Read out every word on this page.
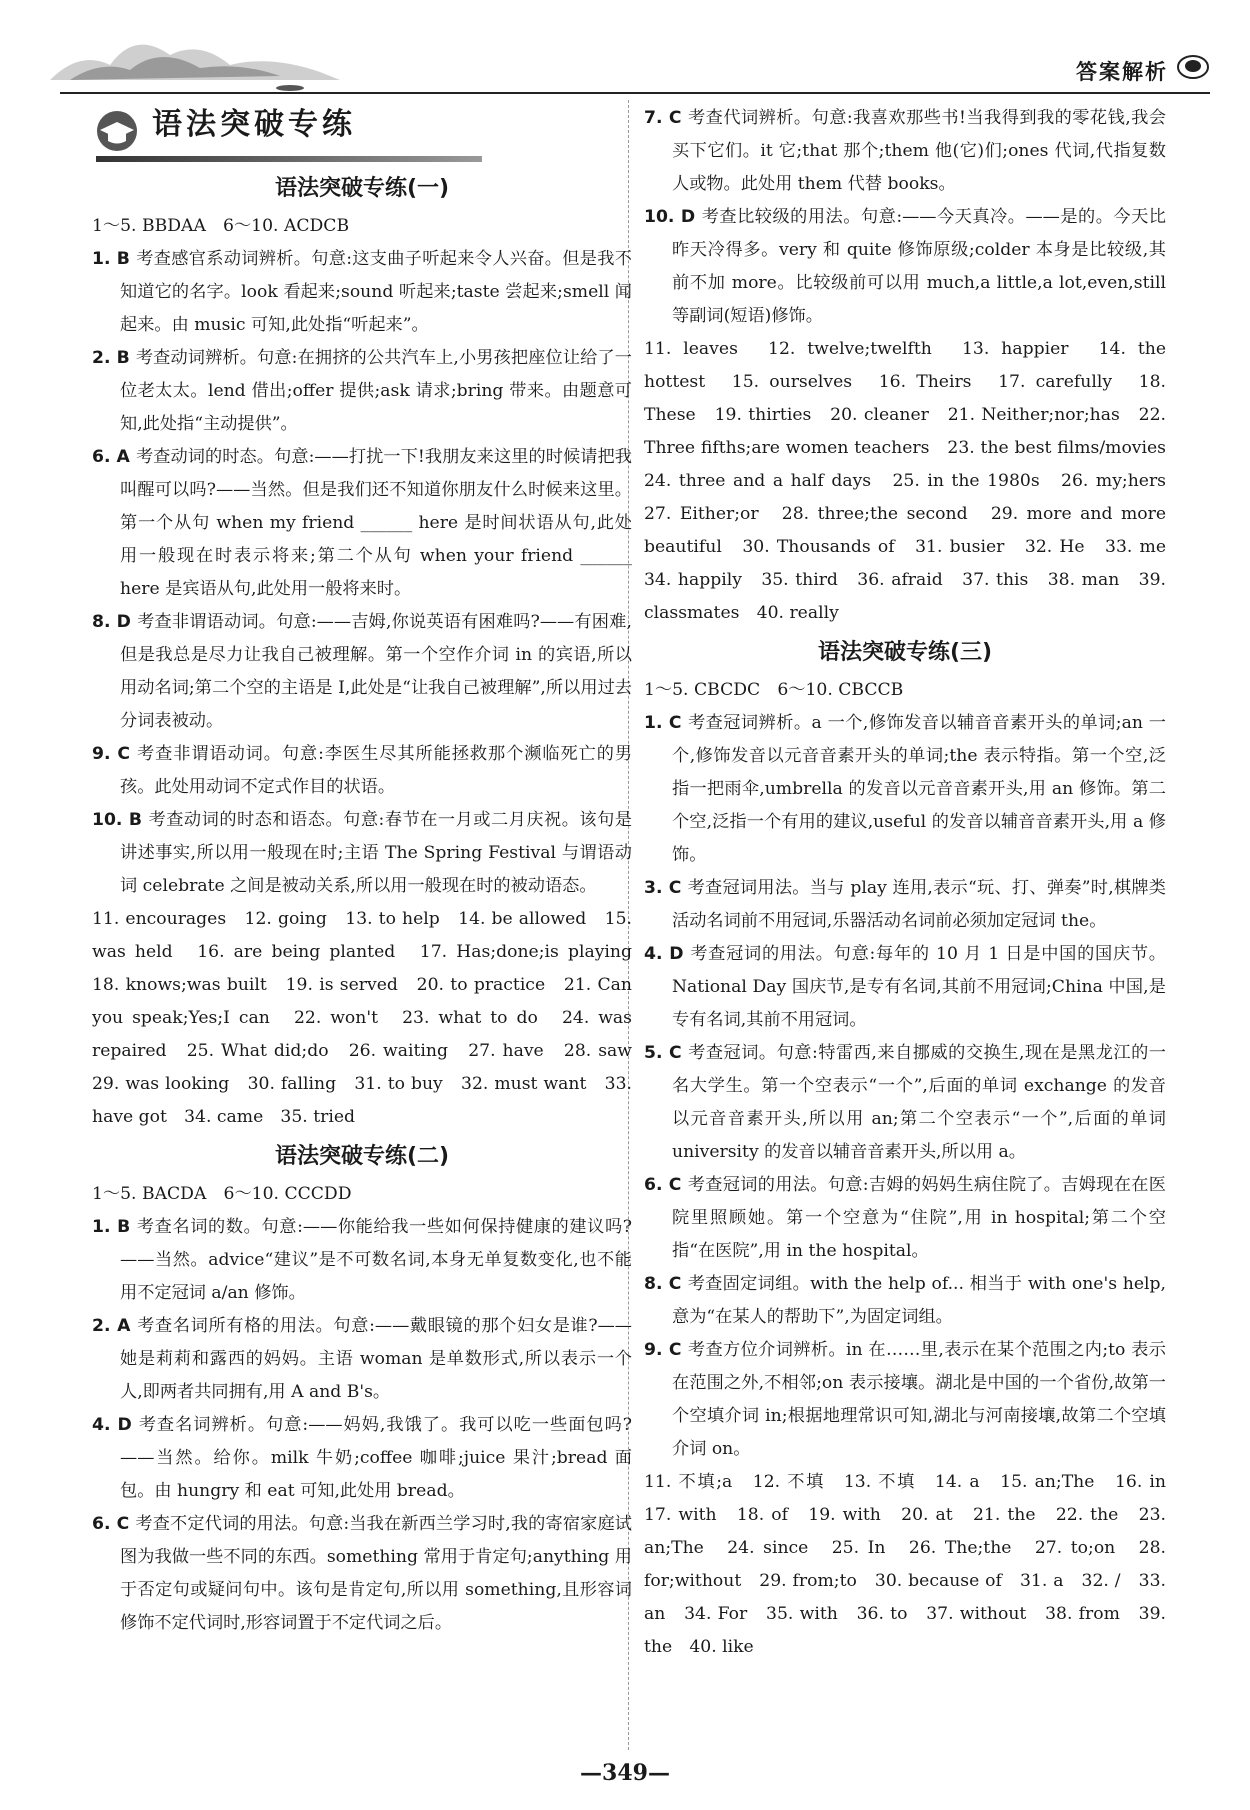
答案解析
语法突破专练
语法突破专练(一)

1～5. BBDAA　6～10. ACDCB

1. B 考查感官系动词辨析。句意:这支曲子听起来令人兴奋。但是我不知道它的名字。look 看起来;sound 听起来;taste 尝起来;smell 闻起来。由 music 可知,此处指“听起来”。

2. B 考查动词辨析。句意:在拥挤的公共汽车上,小男孩把座位让给了一位老太太。lend 借出;offer 提供;ask 请求;bring 带来。由题意可知,此处指“主动提供”。

6. A 考查动词的时态。句意:——打扰一下!我朋友来这里的时候请把我叫醒可以吗?——当然。但是我们还不知道你朋友什么时候来这里。第一个从句 when my friend ______ here 是时间状语从句,此处用一般现在时表示将来;第二个从句 when your friend ______ here 是宾语从句,此处用一般将来时。

8. D 考查非谓语动词。句意:——吉姆,你说英语有困难吗?——有困难,但是我总是尽力让我自己被理解。第一个空作介词 in 的宾语,所以用动名词;第二个空的主语是 I,此处是“让我自己被理解”,所以用过去分词表被动。

9. C 考查非谓语动词。句意:李医生尽其所能拯救那个濒临死亡的男孩。此处用动词不定式作目的状语。

10. B 考查动词的时态和语态。句意:春节在一月或二月庆祝。该句是讲述事实,所以用一般现在时;主语 The Spring Festival 与谓语动词 celebrate 之间是被动关系,所以用一般现在时的被动语态。

11. encourages　12. going　13. to help　14. be allowed　15. was held　16. are being planted　17. Has;done;is playing　18. knows;was built　19. is served　20. to practice　21. Can you speak;Yes;I can　22. won't　23. what to do　24. was repaired　25. What did;do　26. waiting　27. have　28. saw　29. was looking　30. falling　31. to buy　32. must want　33. have got　34. came　35. tried

语法突破专练(二)

1～5. BACDA　6～10. CCCDD

1. B 考查名词的数。句意:——你能给我一些如何保持健康的建议吗?——当然。advice“建议”是不可数名词,本身无单复数变化,也不能用不定冠词 a/an 修饰。

2. A 考查名词所有格的用法。句意:——戴眼镜的那个妇女是谁?——她是莉莉和露西的妈妈。主语 woman 是单数形式,所以表示一个人,即两者共同拥有,用 A and B's。

4. D 考查名词辨析。句意:——妈妈,我饿了。我可以吃一些面包吗?——当然。给你。milk 牛奶;coffee 咖啡;juice 果汁;bread 面包。由 hungry 和 eat 可知,此处用 bread。

6. C 考查不定代词的用法。句意:当我在新西兰学习时,我的寄宿家庭试图为我做一些不同的东西。something 常用于肯定句;anything 用于否定句或疑问句中。该句是肯定句,所以用 something,且形容词修饰不定代词时,形容词置于不定代词之后。

7. C 考查代词辨析。句意:我喜欢那些书!当我得到我的零花钱,我会买下它们。it 它;that 那个;them 他(它)们;ones 代词,代指复数人或物。此处用 them 代替 books。

10. D 考查比较级的用法。句意:——今天真冷。——是的。今天比昨天冷得多。very 和 quite 修饰原级;colder 本身是比较级,其前不加 more。比较级前可以用 much,a little,a lot,even,still 等副词(短语)修饰。

11. leaves　12. twelve;twelfth　13. happier　14. the hottest　15. ourselves　16. Theirs　17. carefully　18. These　19. thirties　20. cleaner　21. Neither;nor;has　22. Three fifths;are women teachers　23. the best films/movies　24. three and a half days　25. in the 1980s　26. my;hers　27. Either;or　28. three;the second　29. more and more beautiful　30. Thousands of　31. busier　32. He　33. me　34. happily　35. third　36. afraid　37. this　38. man　39. classmates　40. really

语法突破专练(三)

1～5. CBCDC　6～10. CBCCB

1. C 考查冠词辨析。a 一个,修饰发音以辅音音素开头的单词;an 一个,修饰发音以元音音素开头的单词;the 表示特指。第一个空,泛指一把雨伞,umbrella 的发音以元音音素开头,用 an 修饰。第二个空,泛指一个有用的建议,useful 的发音以辅音音素开头,用 a 修饰。

3. C 考查冠词用法。当与 play 连用,表示“玩、打、弹奏”时,棋牌类活动名词前不用冠词,乐器活动名词前必须加定冠词 the。

4. D 考查冠词的用法。句意:每年的 10 月 1 日是中国的国庆节。National Day 国庆节,是专有名词,其前不用冠词;China 中国,是专有名词,其前不用冠词。

5. C 考查冠词。句意:特雷西,来自挪威的交换生,现在是黑龙江的一名大学生。第一个空表示“一个”,后面的单词 exchange 的发音以元音音素开头,所以用 an;第二个空表示“一个”,后面的单词 university 的发音以辅音音素开头,所以用 a。

6. C 考查冠词的用法。句意:吉姆的妈妈生病住院了。吉姆现在在医院里照顾她。第一个空意为“住院”,用 in hospital;第二个空指“在医院”,用 in the hospital。

8. C 考查固定词组。with the help of... 相当于 with one's help,意为“在某人的帮助下”,为固定词组。

9. C 考查方位介词辨析。in 在……里,表示在某个范围之内;to 表示在范围之外,不相邻;on 表示接壤。湖北是中国的一个省份,故第一个空填介词 in;根据地理常识可知,湖北与河南接壤,故第二个空填介词 on。

11. 不填;a　12. 不填　13. 不填　14. a　15. an;The　16. in　17. with　18. of　19. with　20. at　21. the　22. the　23. an;The　24. since　25. In　26. The;the　27. to;on　28. for;without　29. from;to　30. because of　31. a　32. /　33. an　34. For　35. with　36. to　37. without　38. from　39. the　40. like

—349—
